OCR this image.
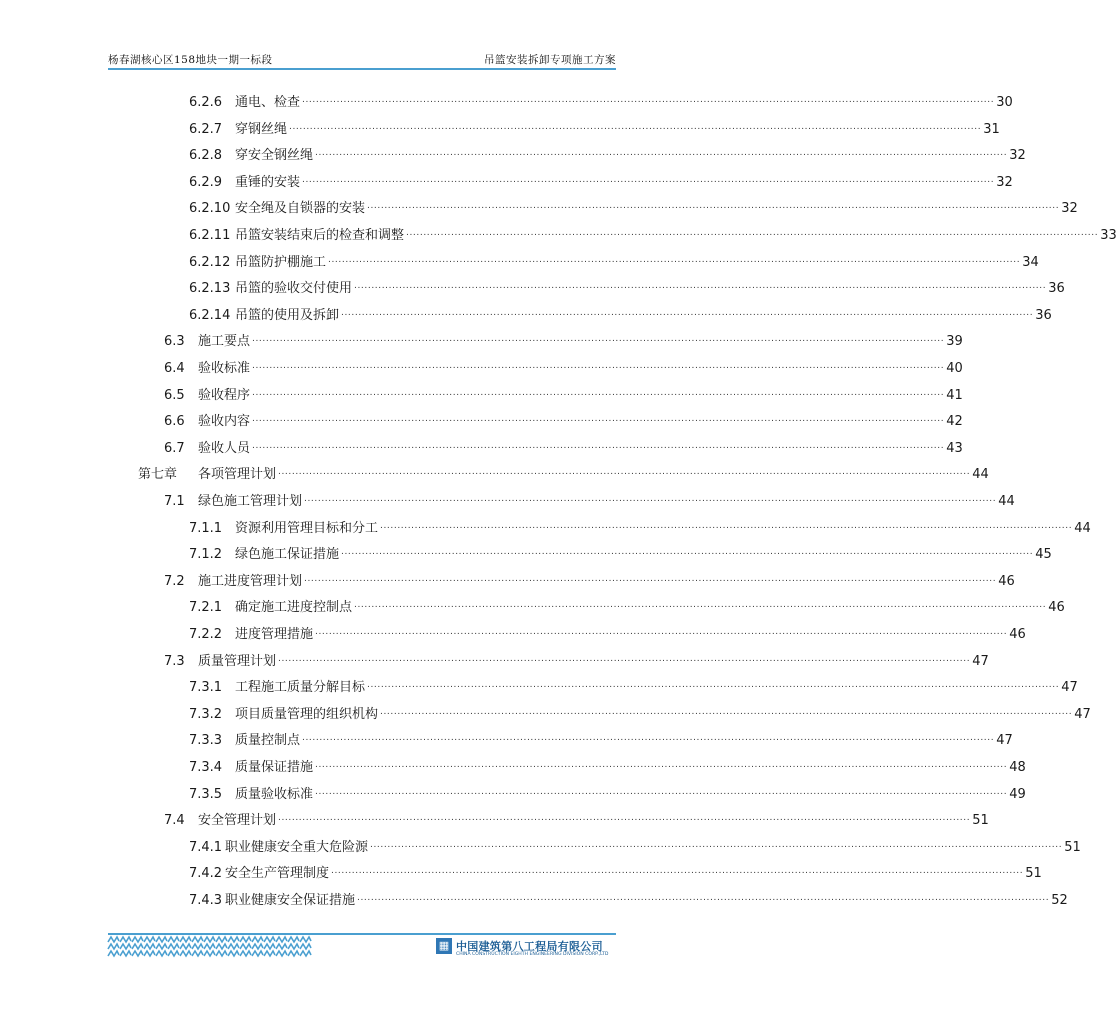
杨春湖核心区158地块一期一标段	吊篮安装拆卸专项施工方案
6.2.6 通电、检查 ........................................................................................................................................................................................................ 30
6.2.7 穿钢丝绳 ........................................................................................................................................................................................................ 31
6.2.8 穿安全钢丝绳 ........................................................................................................................................................................................................ 32
6.2.9 重锤的安装 ........................................................................................................................................................................................................ 32
6.2.10 安全绳及自锁器的安装 ........................................................................................................................................................................................................ 32
6.2.11 吊篮安装结束后的检查和调整 ........................................................................................................................................................................................................ 33
6.2.12 吊篮防护棚施工 ........................................................................................................................................................................................................ 34
6.2.13 吊篮的验收交付使用 ........................................................................................................................................................................................................ 36
6.2.14 吊篮的使用及拆卸 ........................................................................................................................................................................................................ 36
6.3	施工要点 ........................................................................................................................................................................................................ 39
6.4	验收标准 ........................................................................................................................................................................................................ 40
6.5	验收程序 ........................................................................................................................................................................................................ 41
6.6	验收内容 ........................................................................................................................................................................................................ 42
6.7	验收人员 ........................................................................................................................................................................................................ 43
第七章	各项管理计划 ........................................................................................................................................................................................................ 44
7.1	绿色施工管理计划 ........................................................................................................................................................................................................ 44
7.1.1 资源利用管理目标和分工 ........................................................................................................................................................................................................ 44
7.1.2 绿色施工保证措施 ........................................................................................................................................................................................................ 45
7.2	施工进度管理计划 ........................................................................................................................................................................................................ 46
7.2.1 确定施工进度控制点 ........................................................................................................................................................................................................ 46
7.2.2 进度管理措施 ........................................................................................................................................................................................................ 46
7.3	质量管理计划 ........................................................................................................................................................................................................ 47
7.3.1 工程施工质量分解目标 ........................................................................................................................................................................................................ 47
7.3.2 项目质量管理的组织机构 ........................................................................................................................................................................................................ 47
7.3.3 质量控制点 ........................................................................................................................................................................................................ 47
7.3.4 质量保证措施 ........................................................................................................................................................................................................ 48
7.3.5 质量验收标准 ........................................................................................................................................................................................................ 49
7.4	安全管理计划 ........................................................................................................................................................................................................ 51
7.4.1 职业健康安全重大危险源 ........................................................................................................................................................................................................ 51
7.4.2 安全生产管理制度 ........................................................................................................................................................................................................ 51
7.4.3 职业健康安全保证措施 ........................................................................................................................................................................................................ 52
▦ 中国建筑第八工程局有限公司
CHINA CONSTRUCTION EIGHTH ENGINEERING DIVISION CORP.,LTD
